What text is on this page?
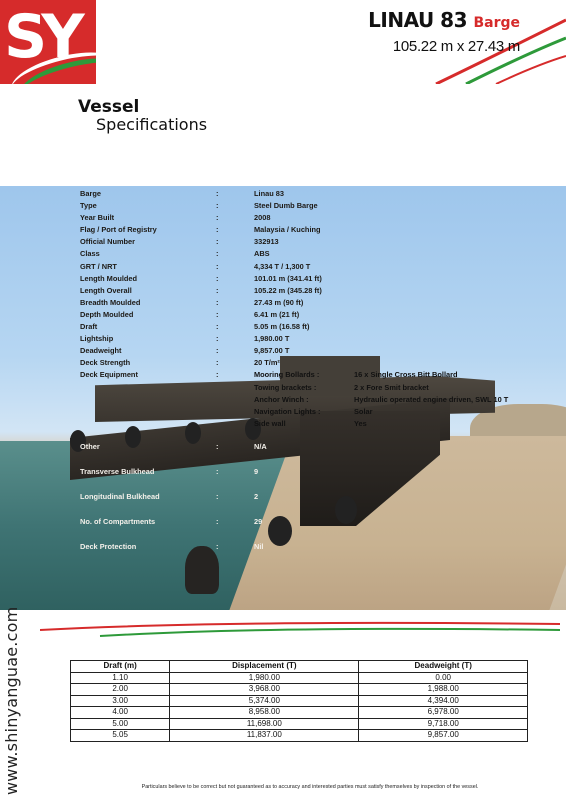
SY	LINAU 83 Barge
105.22 m x 27.43 m
Vessel
Specifications
Barge	:	Linau 83
Type	:	Steel Dumb Barge
Year Built	:	2008
Flag / Port of Registry	:	Malaysia / Kuching
Official Number	:	332913
Class	:	ABS
GRT / NRT	:	4,334 T / 1,300 T
Length Moulded	:	101.01 m (341.41 ft)
Length Overall	:	105.22 m (345.28 ft)
Breadth Moulded	:	27.43 m (90 ft)
Depth Moulded	:	6.41 m (21 ft)
Draft	:	5.05 m (16.58 ft)
Lightship	:	1,980.00 T
Deadweight	:	9,857.00 T
Deck Strength	:	20 T/m²
Deck Equipment	:	Mooring Bollards :	16 x Single Cross Bitt Bollard
Towing brackets :	2 x Fore Smit bracket
Anchor Winch :	Hydraulic operated engine driven, SWL 10 T
Navigation Lights :	Solar
Side wall	Yes
Other	:	N/A
Transverse Bulkhead	:	9
Longitudinal Bulkhead	:	2
No. of Compartments	:	29
Deck Protection	:	Nil
www.shinyanguae.com	Draft (m)	Displacement (T)	Deadweight (T)
1.10	1,980.00	0.00
2.00	3,968.00	1,988.00
3.00	5,374.00	4,394.00
4.00	8,958.00	6,978.00
5.00	11,698.00	9,718.00
5.05	11,837.00	9,857.00
Particulars believe to be correct but not guaranteed as to accuracy and interested parties must satisfy themselves by inspection of the vessel.
